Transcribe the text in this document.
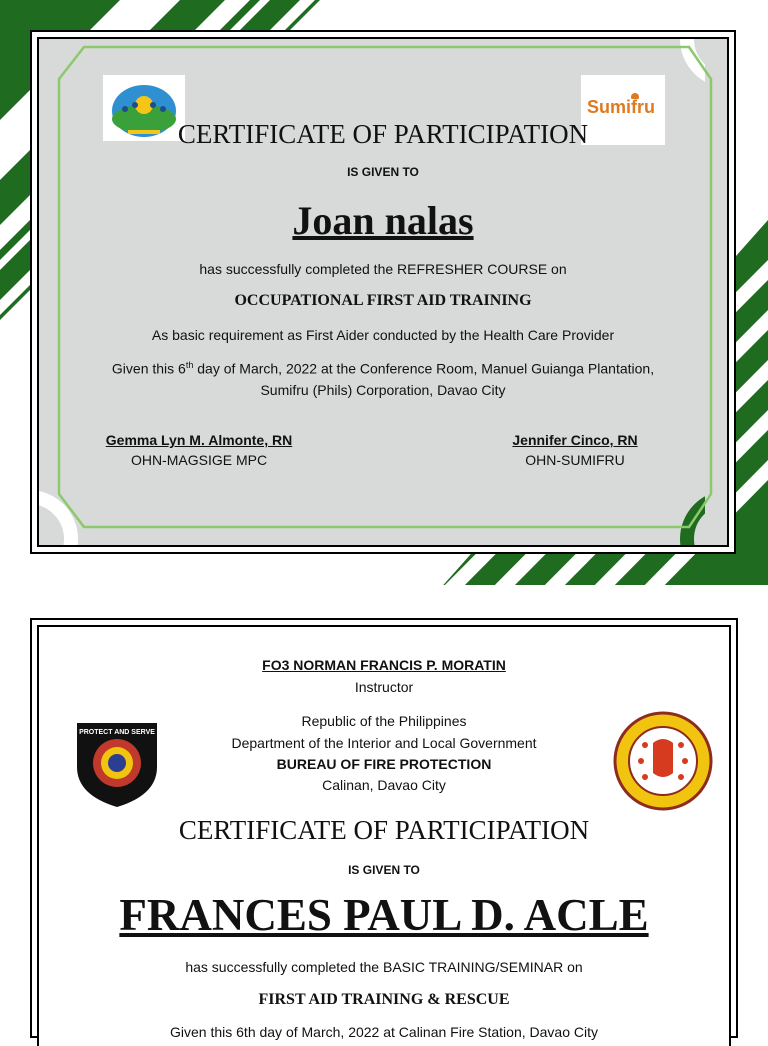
Sumifru
CERTIFICATE OF PARTICIPATION
IS GIVEN TO
Joan nalas
has successfully completed the REFRESHER COURSE on
OCCUPATIONAL FIRST AID TRAINING
As basic requirement as First Aider conducted by the Health Care Provider
Given this 6th day of March, 2022 at the Conference Room, Manuel Guianga Plantation,
Sumifru (Phils) Corporation, Davao City
Gemma Lyn M. Almonte, RN
OHN-MAGSIGE MPC
Jennifer Cinco, RN
OHN-SUMIFRU
FO3 NORMAN FRANCIS P. MORATIN
Instructor
Republic of the Philippines
Department of the Interior and Local Government
BUREAU OF FIRE PROTECTION
Calinan, Davao City
PROTECT AND SERVE
CERTIFICATE OF PARTICIPATION
IS GIVEN TO
FRANCES PAUL D. ACLE
has successfully completed the BASIC TRAINING/SEMINAR on
FIRST AID TRAINING & RESCUE
Given this 6th day of March, 2022 at Calinan Fire Station, Davao City
